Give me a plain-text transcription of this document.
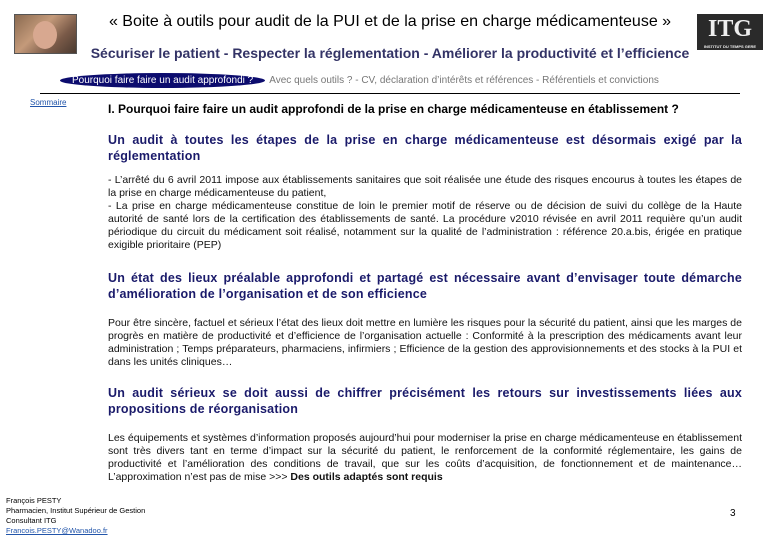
ITG
INSTITUT DU TEMPS GERE
« Boite à outils pour audit de la PUI et de la prise en charge médicamenteuse »
Sécuriser le patient - Respecter la réglementation - Améliorer la productivité et l’efficience
Pourquoi faire faire un audit approfondi ?	Avec quels outils ? - CV, déclaration d’intérêts et références - Référentiels et convictions
Sommaire	I. Pourquoi faire faire un audit approfondi de la prise en charge médicamenteuse en établissement ?
Un audit à toutes les étapes de la prise en charge médicamenteuse est désormais exigé par la réglementation

- L’arrêté du 6 avril 2011 impose aux établissements sanitaires que soit réalisée une étude des risques encourus à toutes les étapes de la prise en charge médicamenteuse du patient,

- La prise en charge médicamenteuse constitue de loin le premier motif de réserve ou de décision de suivi du collège de la Haute autorité de santé lors de la certification des établissements de santé. La procédure v2010 révisée en avril 2011 requière qu’un audit périodique du circuit du médicament soit réalisé, notamment sur la qualité de l’administration : référence 20.a.bis, érigée en pratique exigible prioritaire (PEP)

Un état des lieux préalable approfondi et partagé est nécessaire avant d’envisager toute démarche d’amélioration de l’organisation et de son efficience

Pour être sincère, factuel et sérieux l’état des lieux doit mettre en lumière les risques pour la sécurité du patient, ainsi que les marges de progrès en matière de productivité et d’efficience de l’organisation actuelle : Conformité à la prescription des médicaments avant leur administration ; Temps préparateurs, pharmaciens, infirmiers ; Efficience de la gestion des approvisionnements et des stocks à la PUI et dans les unités cliniques…

Un audit sérieux se doit aussi de chiffrer précisément les retours sur investissements liées aux propositions de réorganisation

Les équipements et systèmes d’information proposés aujourd’hui pour moderniser la prise en charge médicamenteuse en établissement sont très divers tant en terme d’impact sur la sécurité du patient, le renforcement de la conformité réglementaire, les gains de productivité et l’amélioration des conditions de travail, que sur les coûts d’acquisition, de fonctionnement et de maintenance… L’approximation n’est pas de mise >>> Des outils adaptés sont requis

François PESTY
Pharmacien, Institut Supérieur de Gestion
Consultant ITG
Francois.PESTY@Wanadoo.fr
3
